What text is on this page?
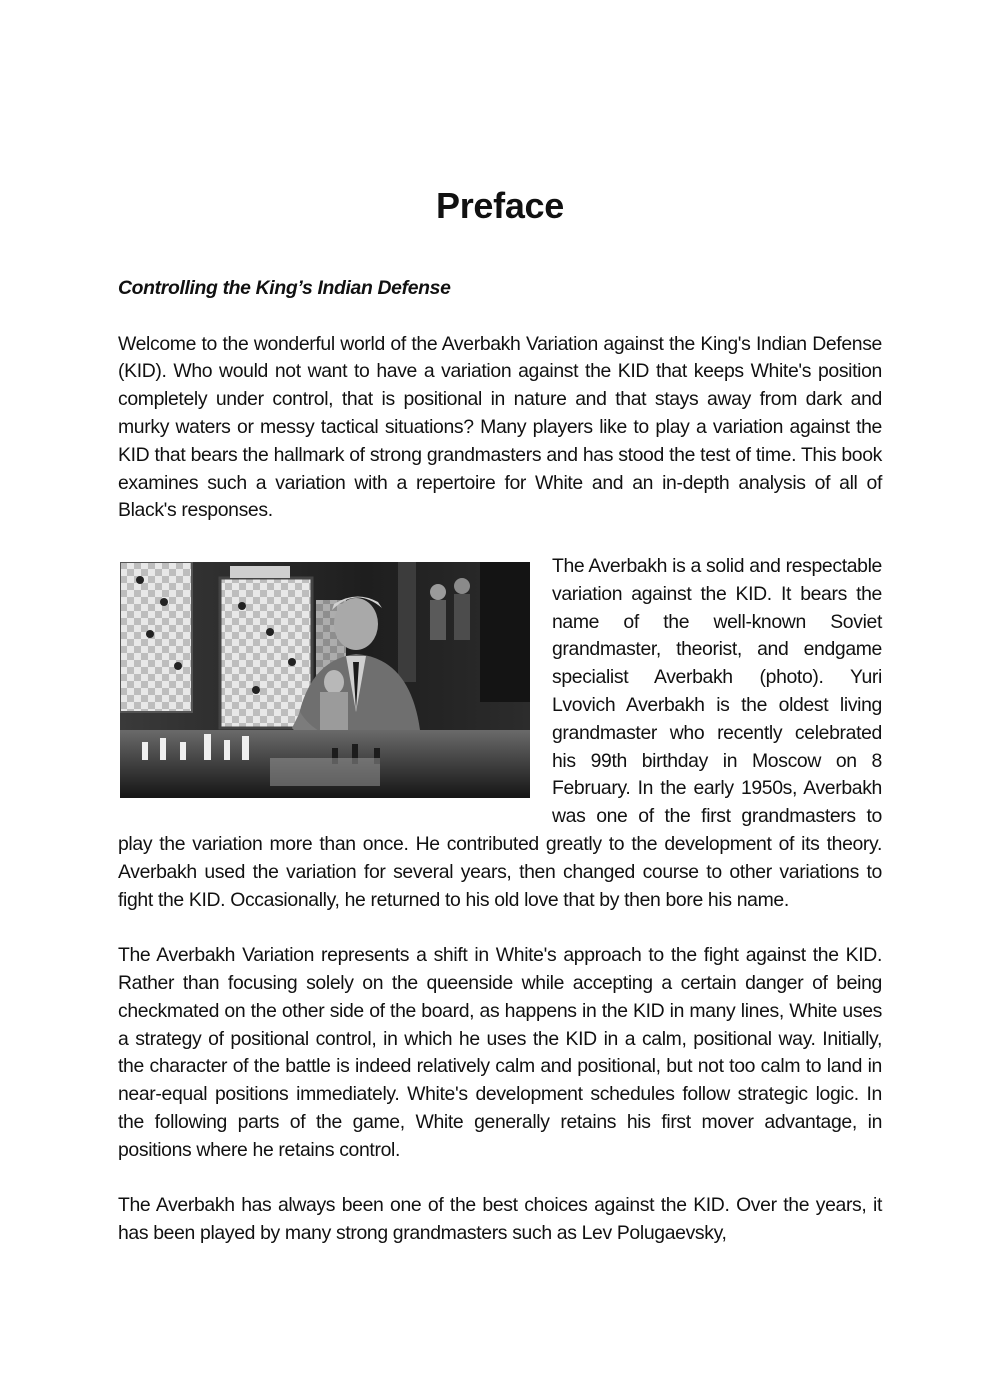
Preface

Controlling the King’s Indian Defense

Welcome to the wonderful world of the Averbakh Variation against the King's Indian Defense (KID). Who would not want to have a variation against the KID that keeps White's position completely under control, that is positional in nature and that stays away from dark and murky waters or messy tactical situations? Many players like to play a variation against the KID that bears the hallmark of strong grandmasters and has stood the test of time. This book examines such a variation with a repertoire for White and an in-depth analysis of all of Black's responses.

The Averbakh is a solid and respectable variation against the KID. It bears the name of the well-known Soviet grandmaster, theorist, and endgame specialist Averbakh (photo). Yuri Lvovich Averbakh is the oldest living grandmaster who recently celebrated his 99th birthday in Moscow on 8 February. In the early 1950s, Averbakh was one of the first grandmasters to play the variation more than once. He contributed greatly to the development of its theory. Averbakh used the variation for several years, then changed course to other variations to fight the KID. Occasionally, he returned to his old love that by then bore his name.

The Averbakh Variation represents a shift in White's approach to the fight against the KID. Rather than focusing solely on the queenside while accepting a certain danger of being checkmated on the other side of the board, as happens in the KID in many lines, White uses a strategy of positional control, in which he uses the KID in a calm, positional way. Initially, the character of the battle is indeed relatively calm and positional, but not too calm to land in near-equal positions immediately. White's development schedules follow strategic logic. In the following parts of the game, White generally retains his first mover advantage, in positions where he retains control.

The Averbakh has always been one of the best choices against the KID. Over the years, it has been played by many strong grandmasters such as Lev Polugaevsky,
